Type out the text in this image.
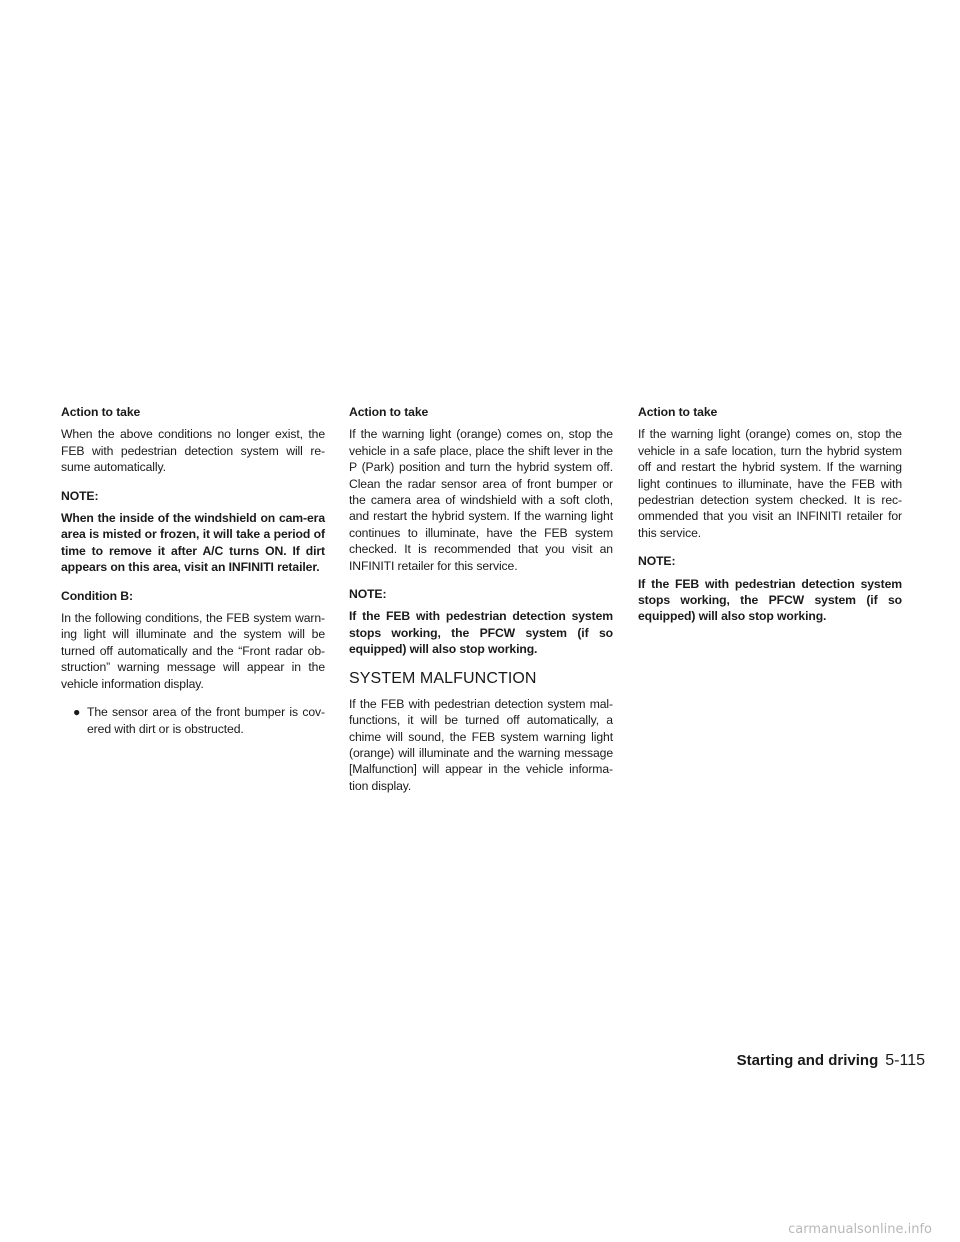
Action to take

When the above conditions no longer exist, the FEB with pedestrian detection system will re-sume automatically.

NOTE:

When the inside of the windshield on cam-era area is misted or frozen, it will take a period of time to remove it after A/C turns ON. If dirt appears on this area, visit an INFINITI retailer.

Condition B:

In the following conditions, the FEB system warn-ing light will illuminate and the system will be turned off automatically and the “Front radar ob-struction” warning message will appear in the vehicle information display.

● The sensor area of the front bumper is cov-ered with dirt or is obstructed.
Action to take

If the warning light (orange) comes on, stop the vehicle in a safe place, place the shift lever in the P (Park) position and turn the hybrid system off. Clean the radar sensor area of front bumper or the camera area of windshield with a soft cloth, and restart the hybrid system. If the warning light continues to illuminate, have the FEB system checked. It is recommended that you visit an INFINITI retailer for this service.

NOTE:

If the FEB with pedestrian detection system stops working, the PFCW system (if so equipped) will also stop working.

SYSTEM MALFUNCTION

If the FEB with pedestrian detection system mal-functions, it will be turned off automatically, a chime will sound, the FEB system warning light (orange) will illuminate and the warning message [Malfunction] will appear in the vehicle informa-tion display.

Action to take

If the warning light (orange) comes on, stop the vehicle in a safe location, turn the hybrid system off and restart the hybrid system. If the warning light continues to illuminate, have the FEB with pedestrian detection system checked. It is rec-ommended that you visit an INFINITI retailer for this service.

NOTE:

If the FEB with pedestrian detection system stops working, the PFCW system (if so equipped) will also stop working.

Starting and driving 5-115
carmanualsonline.info
